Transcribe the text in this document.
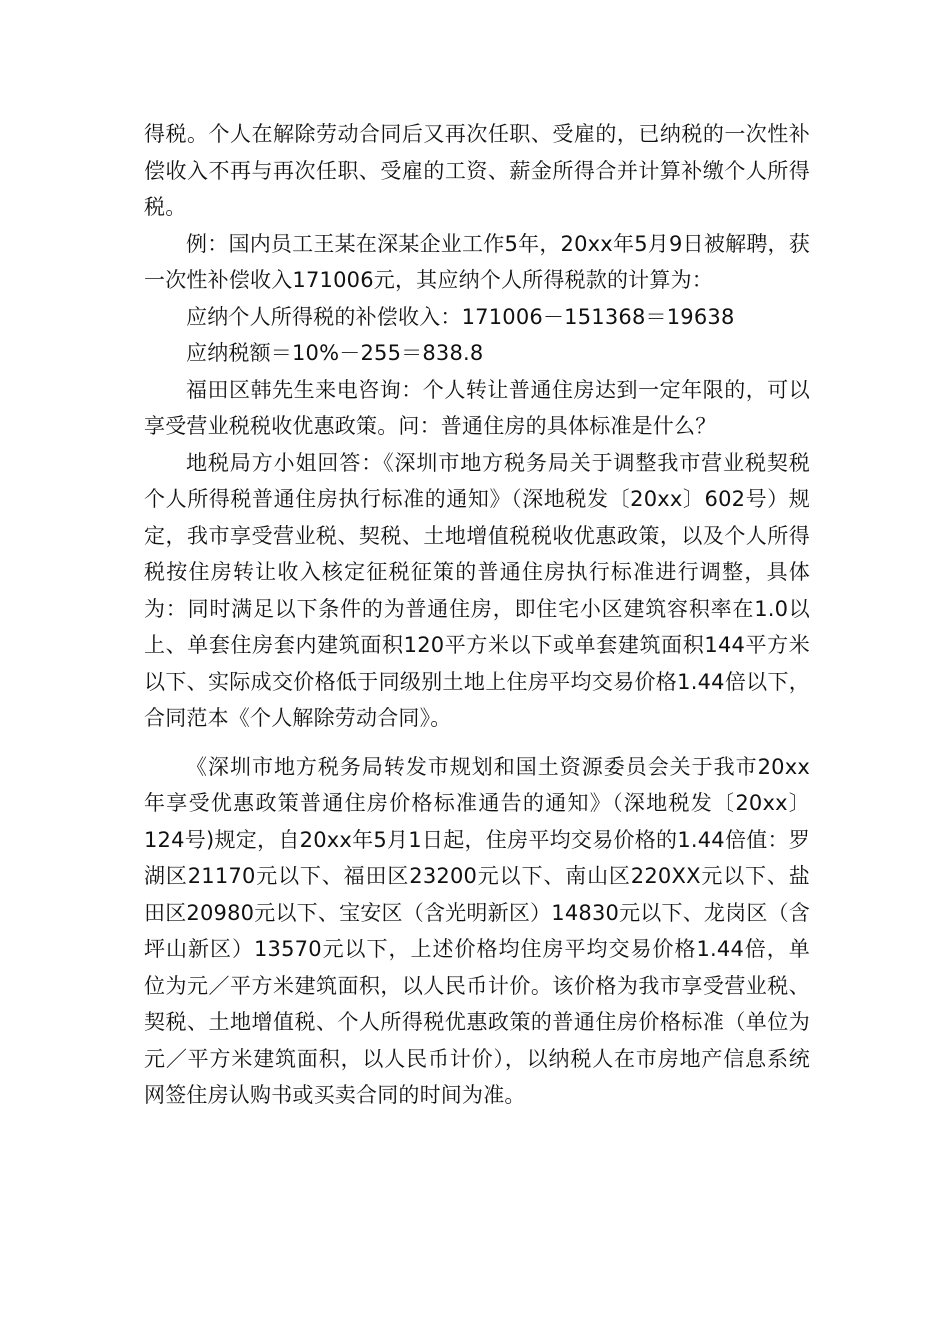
得税。个人在解除劳动合同后又再次任职、受雇的，已纳税的一次性补偿收入不再与再次任职、受雇的工资、薪金所得合并计算补缴个人所得税。

例：国内员工王某在深某企业工作5年，20xx年5月9日被解聘，获一次性补偿收入171006元，其应纳个人所得税款的计算为：

应纳个人所得税的补偿收入：171006－151368＝19638

应纳税额＝10%－255＝838.8

福田区韩先生来电咨询：个人转让普通住房达到一定年限的，可以享受营业税税收优惠政策。问：普通住房的具体标准是什么？

地税局方小姐回答：《深圳市地方税务局关于调整我市营业税契税个人所得税普通住房执行标准的通知》（深地税发〔20xx〕602号）规定，我市享受营业税、契税、土地增值税税收优惠政策，以及个人所得税按住房转让收入核定征税征策的普通住房执行标准进行调整，具体为：同时满足以下条件的为普通住房，即住宅小区建筑容积率在1.0以上、单套住房套内建筑面积120平方米以下或单套建筑面积144平方米以下、实际成交价格低于同级别土地上住房平均交易价格1.44倍以下，合同范本《个人解除劳动合同》。

《深圳市地方税务局转发市规划和国土资源委员会关于我市20xx年享受优惠政策普通住房价格标准通告的通知》（深地税发〔20xx〕124号)规定，自20xx年5月1日起，住房平均交易价格的1.44倍值：罗湖区21170元以下、福田区23200元以下、南山区220XX元以下、盐田区20980元以下、宝安区（含光明新区）14830元以下、龙岗区（含坪山新区）13570元以下，上述价格均住房平均交易价格1.44倍，单位为元／平方米建筑面积，以人民币计价。该价格为我市享受营业税、契税、土地增值税、个人所得税优惠政策的普通住房价格标准（单位为元／平方米建筑面积，以人民币计价），以纳税人在市房地产信息系统网签住房认购书或买卖合同的时间为准。
